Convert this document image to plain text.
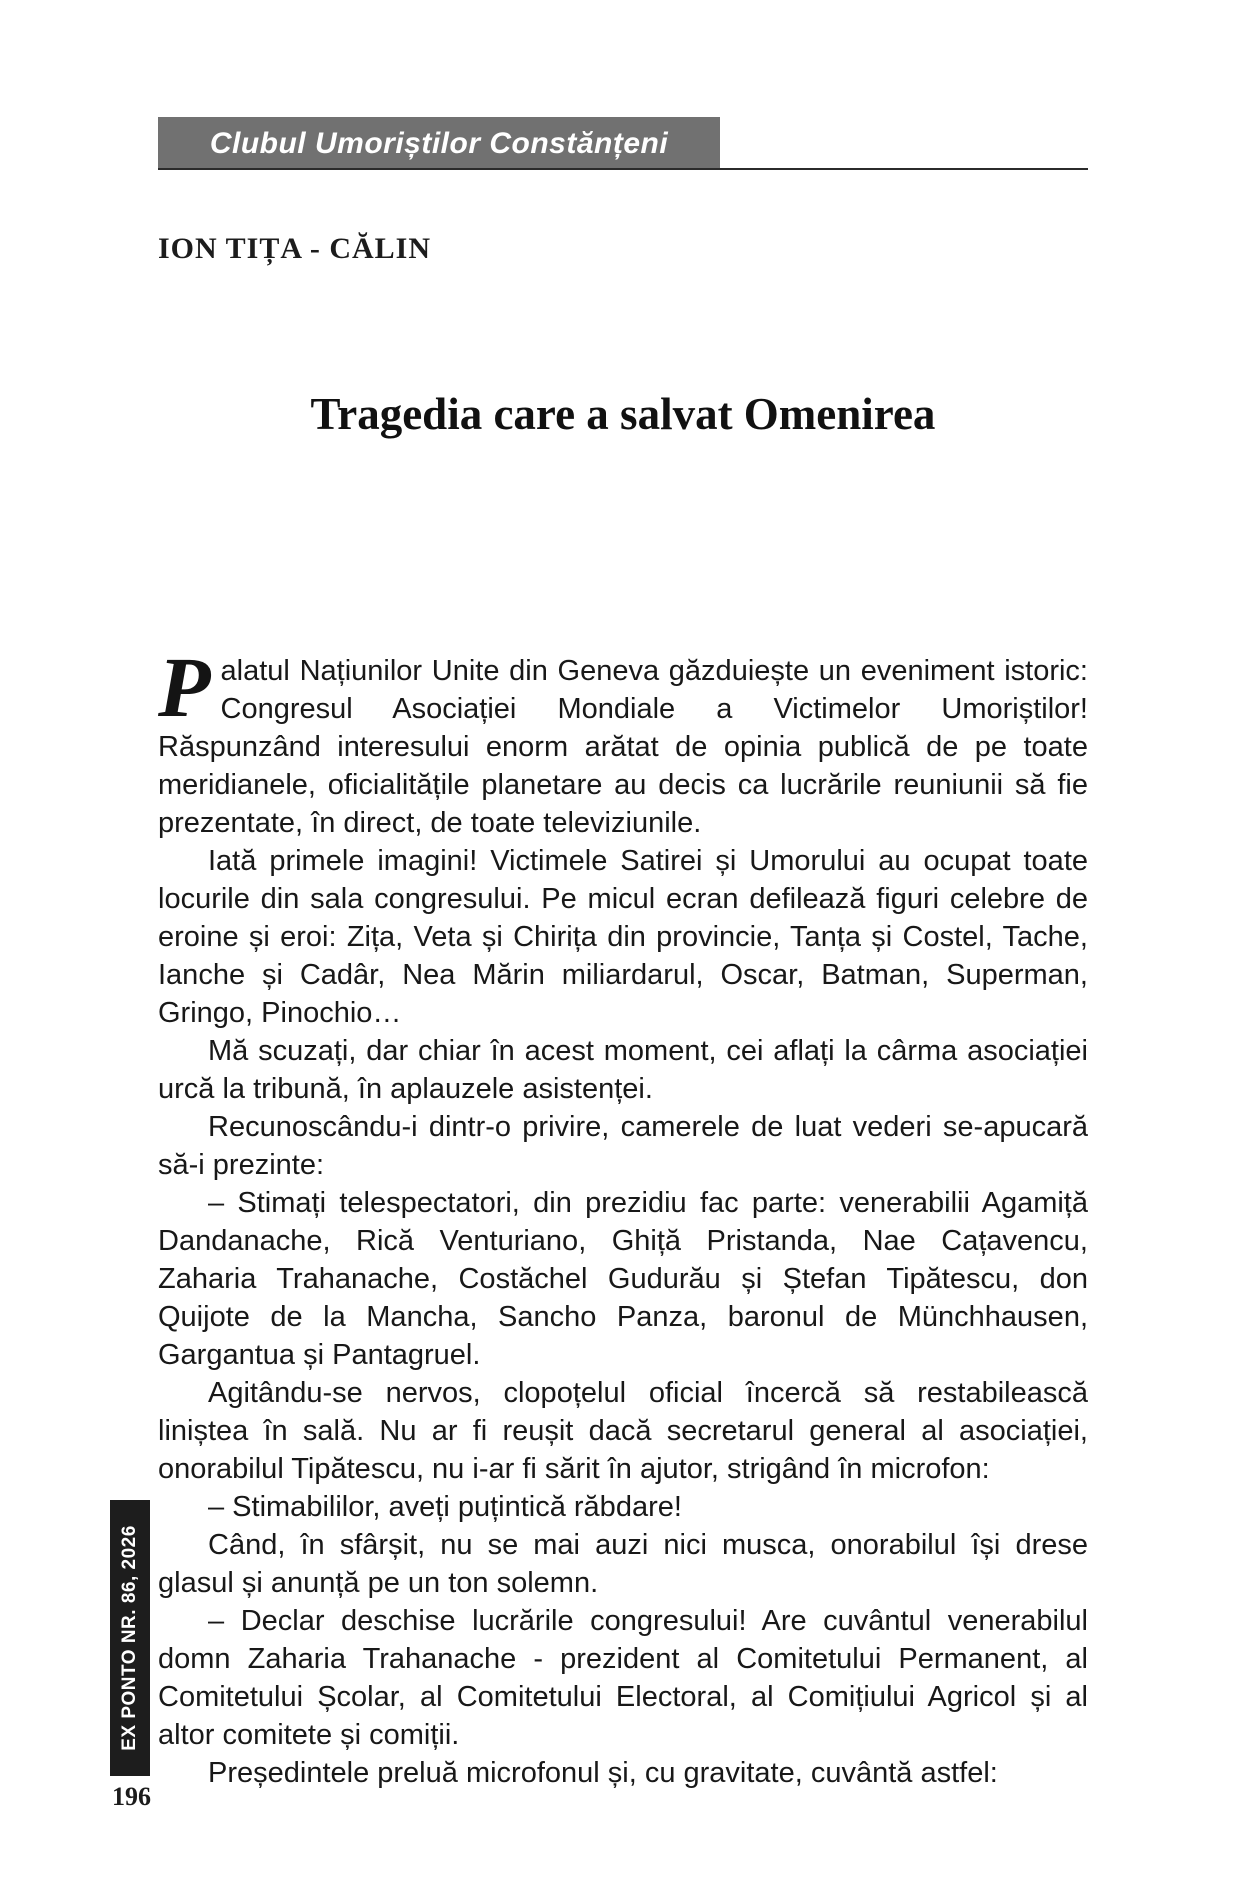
Clubul Umoriștilor Constănțeni
ION TIȚA - CĂLIN
Tragedia care a salvat Omenirea

Palatul Națiunilor Unite din Geneva găzduiește un eveniment istoric: Congresul Asociației Mondiale a Victimelor Umoriștilor! Răspunzând interesului enorm arătat de opinia publică de pe toate meridianele, oficialitățile planetare au decis ca lucrările reuniunii să fie prezentate, în direct, de toate televiziunile.

Iată primele imagini! Victimele Satirei și Umorului au ocupat toate locurile din sala congresului. Pe micul ecran defilează figuri celebre de eroine și eroi: Zița, Veta și Chirița din provincie, Tanța și Costel, Tache, Ianche și Cadâr, Nea Mărin miliardarul, Oscar, Batman, Superman, Gringo, Pinochio…

Mă scuzați, dar chiar în acest moment, cei aflați la cârma asociației urcă la tribună, în aplauzele asistenței.

Recunoscându-i dintr-o privire, camerele de luat vederi se-apucară să-i prezinte:

– Stimați telespectatori, din prezidiu fac parte: venerabilii Agamiță Dandanache, Rică Venturiano, Ghiță Pristanda, Nae Cațavencu, Zaharia Trahanache, Costăchel Gudurău și Ștefan Tipătescu, don Quijote de la Mancha, Sancho Panza, baronul de Münchhausen, Gargantua și Pantagruel.

Agitându-se nervos, clopoțelul oficial încercă să restabilească liniștea în sală. Nu ar fi reușit dacă secretarul general al asociației, onorabilul Tipătescu, nu i-ar fi sărit în ajutor, strigând în microfon:

– Stimabililor, aveți puțintică răbdare!

Când, în sfârșit, nu se mai auzi nici musca, onorabilul își drese glasul și anunță pe un ton solemn.

– Declar deschise lucrările congresului! Are cuvântul venerabilul domn Zaharia Trahanache - prezident al Comitetului Permanent, al Comitetului Școlar, al Comitetului Electoral, al Comițiului Agricol și al altor comitete și comiții.

Președintele preluă microfonul și, cu gravitate, cuvântă astfel:

EX PONTO NR. 86, 2026
196
